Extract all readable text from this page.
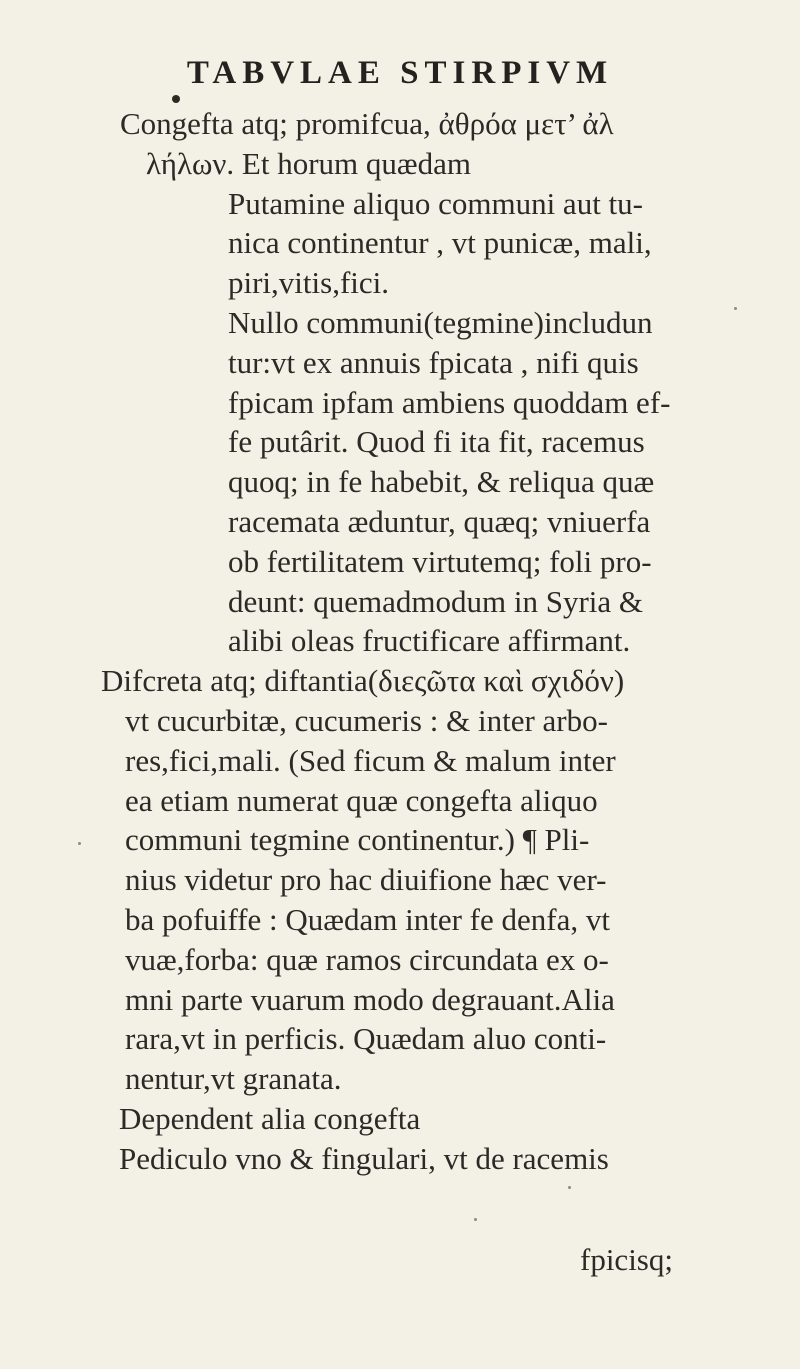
TABVLAE STIRPIVM
Congefta atq; promifcua, ἀθρόα μετ’ ἀλ
λήλων. Et horum quædam
Putamine aliquo communi aut tu-
nica continentur , vt punicæ, mali,
piri,vitis,fici.
Nullo communi(tegmine)includun
tur:vt ex annuis fpicata , nifi quis
fpicam ipfam ambiens quoddam ef-
fe putârit. Quod fi ita fit, racemus
quoq; in fe habebit, & reliqua quæ
racemata æduntur, quæq; vniuerfa
ob fertilitatem virtutemq; foli pro-
deunt: quemadmodum in Syria &
alibi oleas fructificare affirmant.
Difcreta atq; diftantia(διεςῶτα καὶ σχιδόν)
vt cucurbitæ, cucumeris : & inter arbo-
res,fici,mali. (Sed ficum & malum inter
ea etiam numerat quæ congefta aliquo
communi tegmine continentur.) ¶ Pli-
nius videtur pro hac diuifione hæc ver-
ba pofuiffe : Quædam inter fe denfa, vt
vuæ,forba: quæ ramos circundata ex o-
mni parte vuarum modo degrauant.Alia
rara,vt in perficis. Quædam aluo conti-
nentur,vt granata.
Dependent alia congefta
Pediculo vno & fingulari, vt de racemis
fpicisq;
